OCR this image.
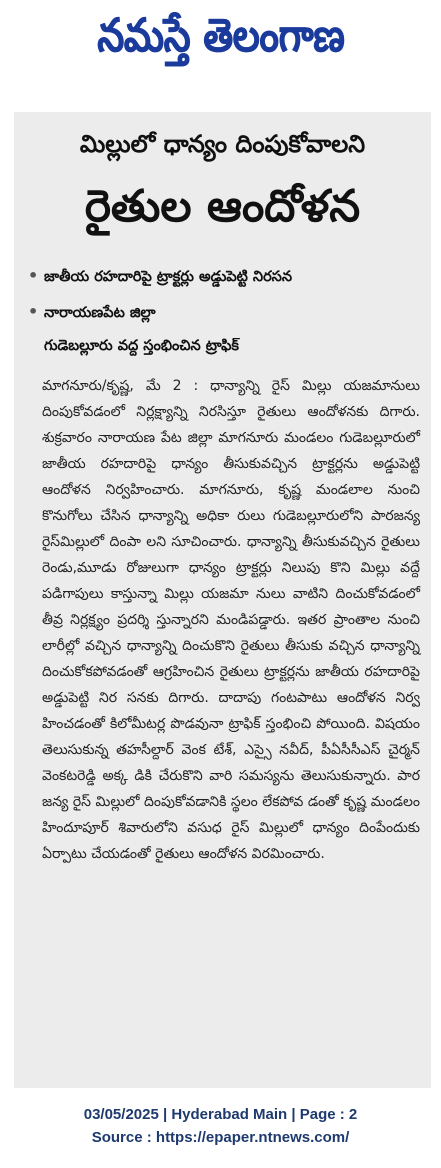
నమస్తే తెలంగాణ
మిల్లులో ధాన్యం దింపుకోవాలని
రైతుల ఆందోళన
• జాతీయ రహదారిపై ట్రాక్టర్లు అడ్డుపెట్టి నిరసన
• నారాయణపేట జిల్లా
గుడెబల్లూరు వద్ద స్తంభించిన ట్రాఫిక్
మాగనూరు/కృష్ణ, మే 2 : ధాన్యాన్ని రైస్ మిల్లు యజమానులు దింపుకోవడంలో నిర్లక్ష్యాన్ని నిరసిస్తూ రైతులు ఆందోళనకు దిగారు. శుక్రవారం నారాయణ పేట జిల్లా మాగనూరు మండలం గుడెబల్లూరులో జాతీయ రహదారిపై ధాన్యం తీసుకువచ్చిన ట్రాక్టర్లను అడ్డుపెట్టి ఆందోళన నిర్వహించారు. మాగనూరు, కృష్ణ మండలాల నుంచి కొనుగోలు చేసిన ధాన్యాన్ని అధికా రులు గుడెబల్లూరులోని పారజన్య రైస్‌మిల్లులో దింపా లని సూచించారు. ధాన్యాన్ని తీసుకువచ్చిన రైతులు రెండు,మూడు రోజులుగా ధాన్యం ట్రాక్టర్లు నిలుపు కొని మిల్లు వద్దే పడిగాపులు కాస్తున్నా మిల్లు యజమా నులు వాటిని దించుకోవడంలో తీవ్ర నిర్లక్ష్యం ప్రదర్శి స్తున్నారని మండిపడ్డారు. ఇతర ప్రాంతాల నుంచి లారీల్లో వచ్చిన ధాన్యాన్ని దించుకొని రైతులు తీసుకు వచ్చిన ధాన్యాన్ని దించుకోకపోవడంతో ఆగ్రహించిన రైతులు ట్రాక్టర్లను జాతీయ రహదారిపై అడ్డుపెట్టి నిర సనకు దిగారు. దాదాపు గంటపాటు ఆందోళన నిర్వ హించడంతో కిలోమీటర్ల పొడవునా ట్రాఫిక్ స్తంభించి పోయింది. విషయం తెలుసుకున్న తహసీల్దార్ వెంక టేశ్, ఎస్సై నవీద్, పీఏసీసీఎస్ చైర్మన్ వెంకటరెడ్డి అక్క డికి చేరుకొని వారి సమస్యను తెలుసుకున్నారు. పార జన్య రైస్ మిల్లులో దింపుకోవడానికి స్థలం లేకపోవ డంతో కృష్ణ మండలం హిందూపూర్ శివారులోని వసుధ రైస్ మిల్లులో ధాన్యం దింపేందుకు ఏర్పాటు చేయడంతో రైతులు ఆందోళన విరమించారు.
03/05/2025 | Hyderabad Main | Page : 2
Source : https://epaper.ntnews.com/
